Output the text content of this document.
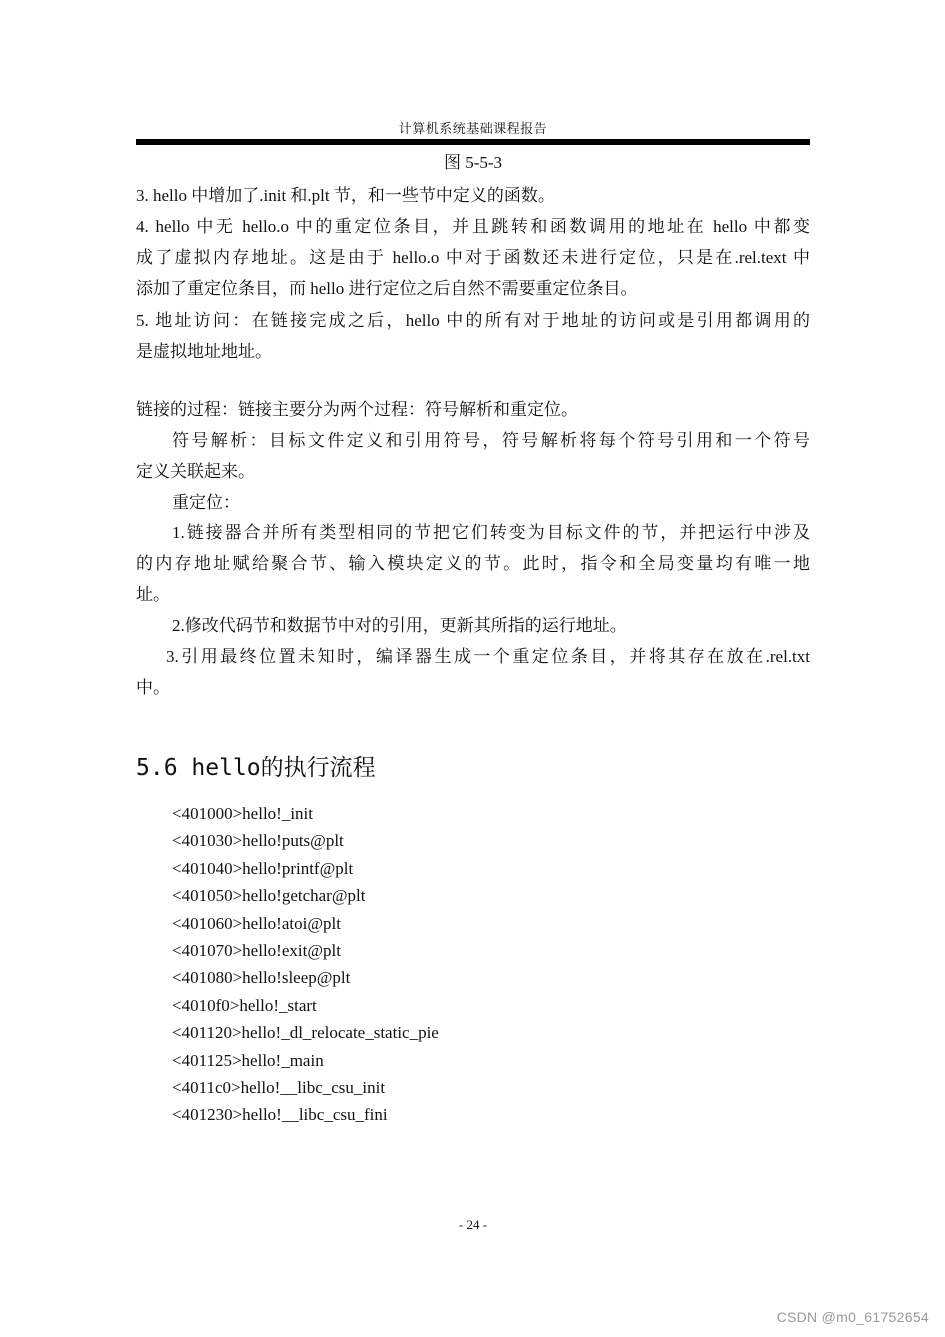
计算机系统基础课程报告

图 5-5-3

3. hello 中增加了.init 和.plt 节，和一些节中定义的函数。

4. hello 中无 hello.o 中的重定位条目，并且跳转和函数调用的地址在 hello 中都变

成了虚拟内存地址。这是由于 hello.o 中对于函数还未进行定位，只是在.rel.text 中

添加了重定位条目，而 hello 进行定位之后自然不需要重定位条目。

5. 地址访问：在链接完成之后，hello 中的所有对于地址的访问或是引用都调用的

是虚拟地址地址。

链接的过程：链接主要分为两个过程：符号解析和重定位。

符号解析：目标文件定义和引用符号，符号解析将每个符号引用和一个符号

定义关联起来。

重定位：

1.链接器合并所有类型相同的节把它们转变为目标文件的节，并把运行中涉及

的内存地址赋给聚合节、输入模块定义的节。此时，指令和全局变量均有唯一地

址。

2.修改代码节和数据节中对的引用，更新其所指的运行地址。

3.引用最终位置未知时，编译器生成一个重定位条目，并将其存在放在.rel.txt

中。

5.6 hello的执行流程
<401000>hello!_init
<401030>hello!puts@plt
<401040>hello!printf@plt
<401050>hello!getchar@plt
<401060>hello!atoi@plt
<401070>hello!exit@plt
<401080>hello!sleep@plt
<4010f0>hello!_start
<401120>hello!_dl_relocate_static_pie
<401125>hello!_main
<4011c0>hello!__libc_csu_init
<401230>hello!__libc_csu_fini
- 24 -
CSDN @m0_61752654
